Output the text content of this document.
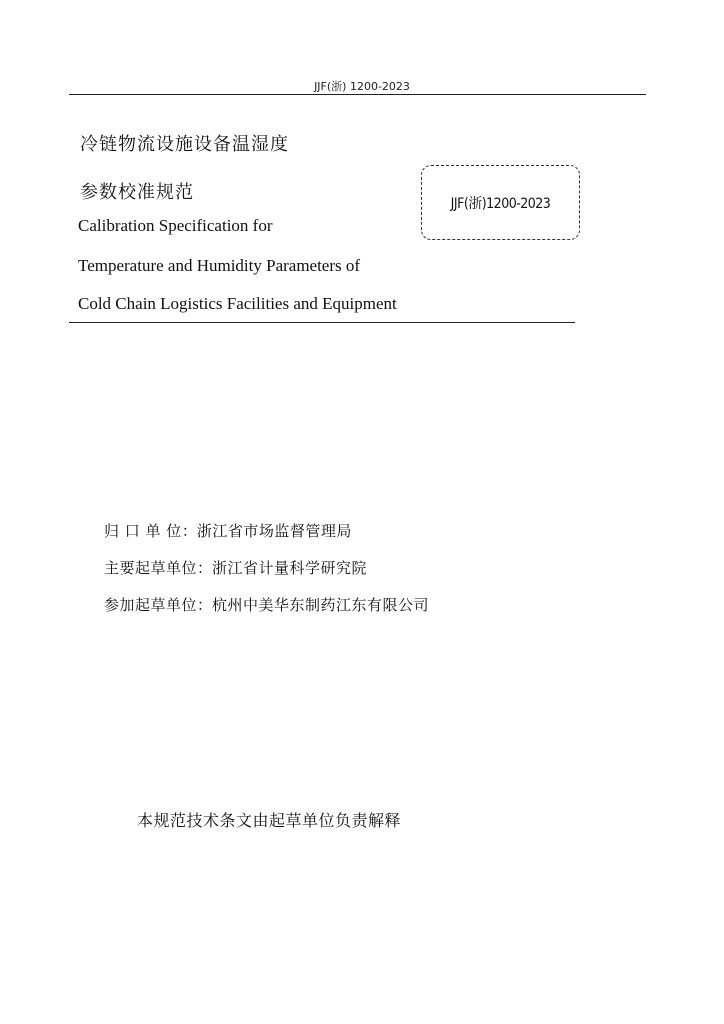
JJF(浙) 1200-2023
冷链物流设施设备温湿度
参数校准规范
Calibration Specification for
Temperature and Humidity Parameters of
Cold Chain Logistics Facilities and Equipment
JJF(浙)1200-2023
归 口 单 位 ： 浙江省市场监督管理局
主要起草单位 ： 浙江省计量科学研究院
参加起草单位 ： 杭州中美华东制药江东有限公司
本规范技术条文由起草单位负责解释
